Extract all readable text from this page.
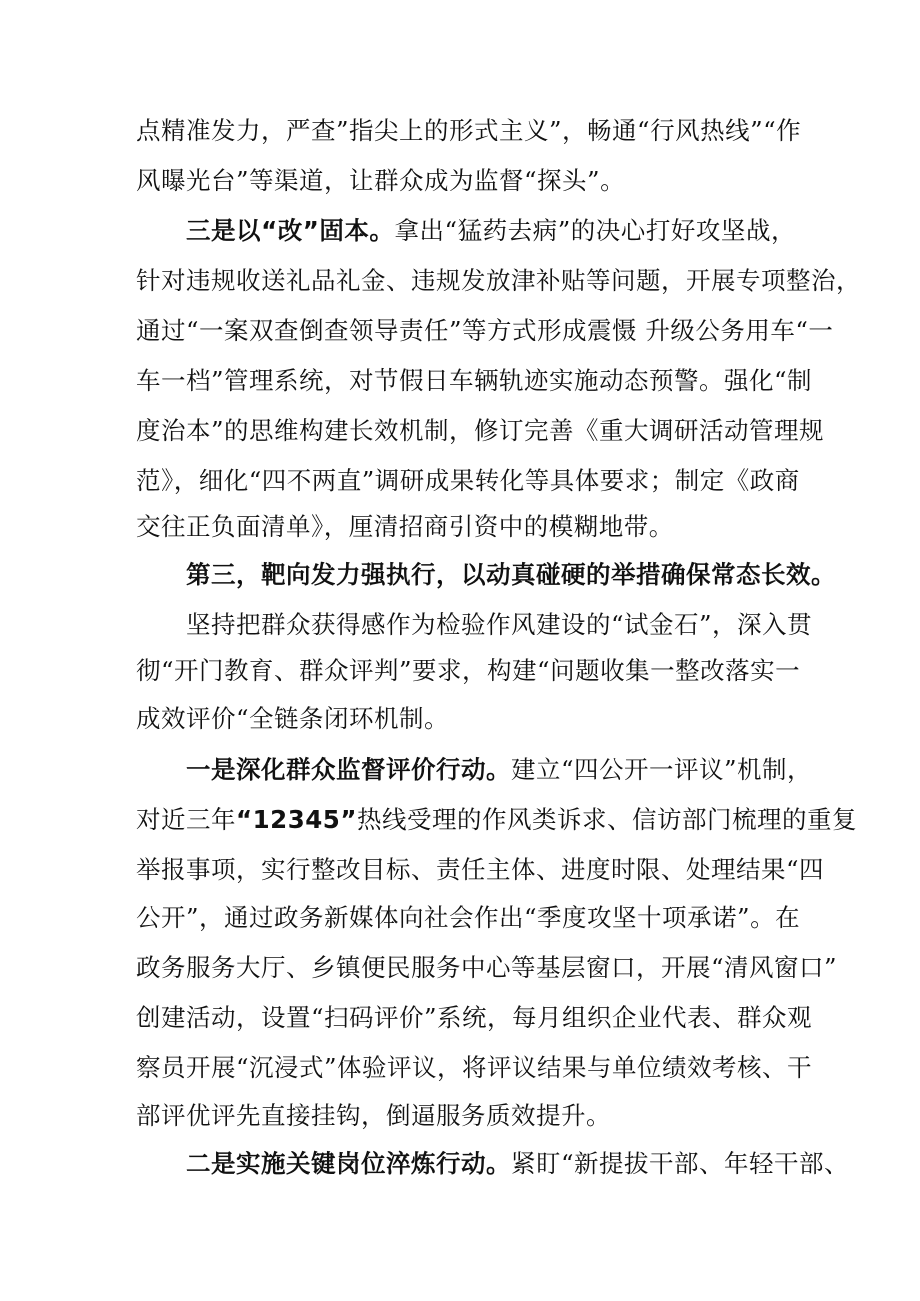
点精准发力，严查”指尖上的形式主义”，畅通“行风热线”“作
风曝光台”等渠道，让群众成为监督“探头”。
三是以“改”固本。拿出“猛药去病”的决心打好攻坚战，
针对违规收送礼品礼金、违规发放津补贴等问题，开展专项整治，
通过“一案双查倒查领导责任”等方式形成震慑 升级公务用车“一
车一档”管理系统，对节假日车辆轨迹实施动态预警。强化“制
度治本”的思维构建长效机制，修订完善《重大调研活动管理规
范》，细化“四不两直”调研成果转化等具体要求；制定《政商
交往正负面清单》，厘清招商引资中的模糊地带。
第三，靶向发力强执行，以动真碰硬的举措确保常态长效。
坚持把群众获得感作为检验作风建设的“试金石”，深入贯
彻“开门教育、群众评判”要求，构建“问题收集一整改落实一
成效评价“全链条闭环机制。
一是深化群众监督评价行动。建立“四公开一评议”机制，
对近三年“12345”热线受理的作风类诉求、信访部门梳理的重复
举报事项，实行整改目标、责任主体、进度时限、处理结果“四
公开”，通过政务新媒体向社会作出“季度攻坚十项承诺”。在
政务服务大厅、乡镇便民服务中心等基层窗口，开展“清风窗口”
创建活动，设置“扫码评价”系统，每月组织企业代表、群众观
察员开展“沉浸式”体验评议，将评议结果与单位绩效考核、干
部评优评先直接挂钩，倒逼服务质效提升。
二是实施关键岗位淬炼行动。紧盯“新提拔干部、年轻干部、
